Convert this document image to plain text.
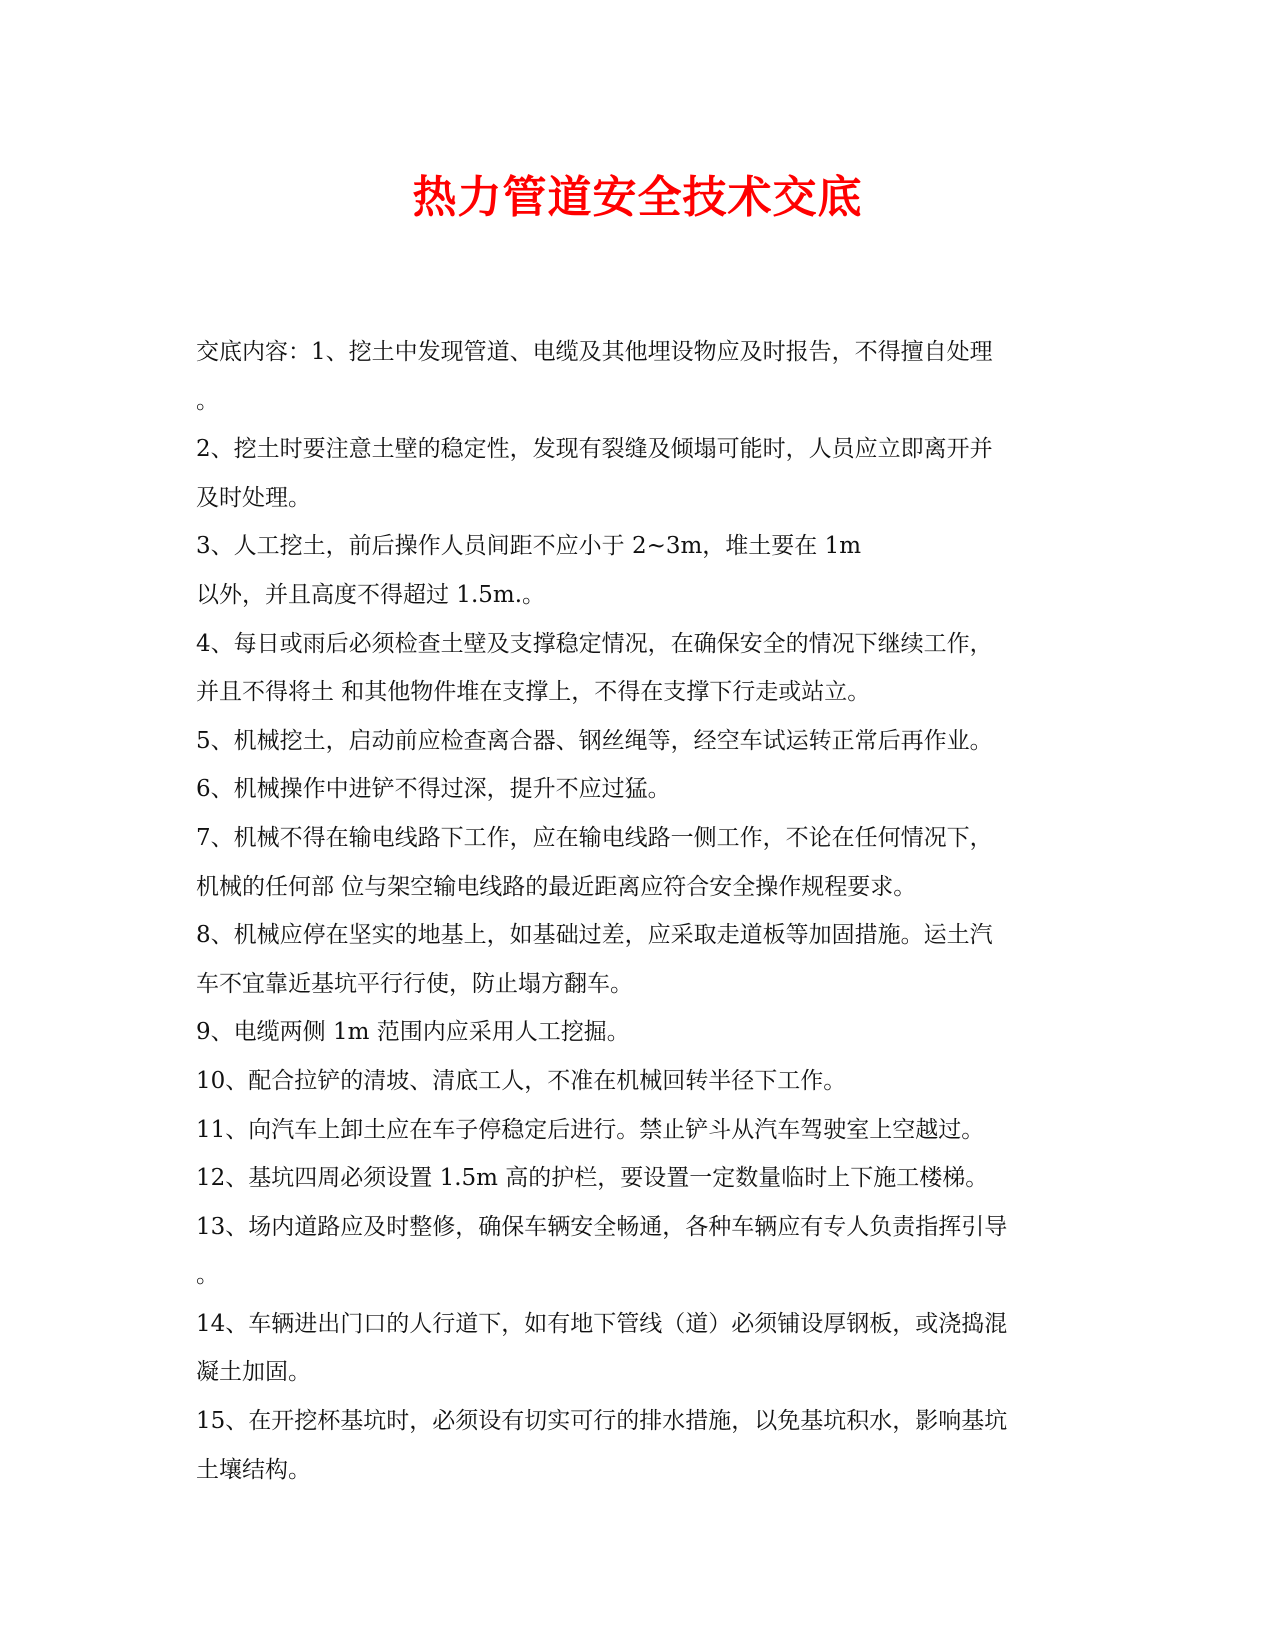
热力管道安全技术交底
交底内容：1、挖土中发现管道、电缆及其他埋设物应及时报告，不得擅自处理
。
2、挖土时要注意土壁的稳定性，发现有裂缝及倾塌可能时，人员应立即离开并
及时处理。
3、人工挖土，前后操作人员间距不应小于 2~3m，堆土要在 1m
以外，并且高度不得超过 1.5m.。
4、每日或雨后必须检查土壁及支撑稳定情况，在确保安全的情况下继续工作，
并且不得将土 和其他物件堆在支撑上，不得在支撑下行走或站立。
5、机械挖土，启动前应检查离合器、钢丝绳等，经空车试运转正常后再作业。
6、机械操作中进铲不得过深，提升不应过猛。
7、机械不得在输电线路下工作，应在输电线路一侧工作，不论在任何情况下，
机械的任何部 位与架空输电线路的最近距离应符合安全操作规程要求。
8、机械应停在坚实的地基上，如基础过差，应采取走道板等加固措施。运土汽
车不宜靠近基坑平行行使，防止塌方翻车。
9、电缆两侧 1m 范围内应采用人工挖掘。
10、配合拉铲的清坡、清底工人，不准在机械回转半径下工作。
11、向汽车上卸土应在车子停稳定后进行。禁止铲斗从汽车驾驶室上空越过。
12、基坑四周必须设置 1.5m 高的护栏，要设置一定数量临时上下施工楼梯。
13、场内道路应及时整修，确保车辆安全畅通，各种车辆应有专人负责指挥引导
。
14、车辆进出门口的人行道下，如有地下管线（道）必须铺设厚钢板，或浇捣混
凝土加固。
15、在开挖杯基坑时，必须设有切实可行的排水措施，以免基坑积水，影响基坑
土壤结构。
